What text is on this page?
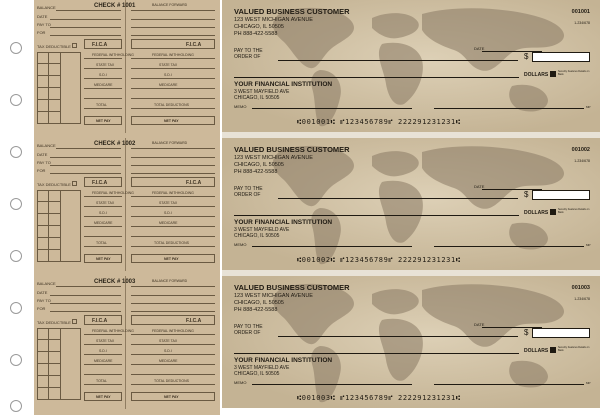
BALANCE	CHECK # 1001	BALANCE FORWARD
DATE
PAY TO
FOR
TAX DEDUCTIBLE	F.I.C.A	F.I.C.A
FEDERAL WITHHOLDING
STATE TAX
S.D.I
MEDICARE
TOTAL
NET PAY
FEDERAL WITHHOLDING
STATE TAX
S.D.I
MEDICARE
TOTAL DEDUCTIONS
NET PAY
BALANCE	CHECK # 1002	BALANCE FORWARD
DATE
PAY TO
FOR
TAX DEDUCTIBLE	F.I.C.A	F.I.C.A
FEDERAL WITHHOLDING
STATE TAX
S.D.I
MEDICARE
TOTAL
NET PAY
FEDERAL WITHHOLDING
STATE TAX
S.D.I
MEDICARE
TOTAL DEDUCTIONS
NET PAY
BALANCE	CHECK # 1003	BALANCE FORWARD
DATE
PAY TO
FOR
TAX DEDUCTIBLE	F.I.C.A	F.I.C.A
FEDERAL WITHHOLDING
STATE TAX
S.D.I
MEDICARE
TOTAL
NET PAY
FEDERAL WITHHOLDING
STATE TAX
S.D.I
MEDICARE
TOTAL DEDUCTIONS
NET PAY
VALUED BUSINESS CUSTOMER
123 WEST MICHIGAN AVENUE
CHICAGO, IL 50505
PH 888-422-5588
001001
1-234/678
DATE
PAY TO THE
ORDER OF	$
DOLLARS
Security Features Details on Back.
YOUR FINANCIAL INSTITUTION
3 WEST MAYFIELD AVE
CHICAGO, IL 50505
MEMO	MP
⑆001001⑆ ⑈123456789⑈ 222291231231⑆
VALUED BUSINESS CUSTOMER
123 WEST MICHIGAN AVENUE
CHICAGO, IL 50505
PH 888-422-5588
001002
1-234/678
DATE
PAY TO THE
ORDER OF	$
DOLLARS
Security Features Details on Back.
YOUR FINANCIAL INSTITUTION
3 WEST MAYFIELD AVE
CHICAGO, IL 50505
MEMO	MP
⑆001002⑆ ⑈123456789⑈ 222291231231⑆
VALUED BUSINESS CUSTOMER
123 WEST MICHIGAN AVENUE
CHICAGO, IL 50505
PH 888-422-5588
001003
1-234/678
DATE
PAY TO THE
ORDER OF	$
DOLLARS
Security Features Details on Back.
YOUR FINANCIAL INSTITUTION
3 WEST MAYFIELD AVE
CHICAGO, IL 50505
MEMO	MP
⑆001003⑆ ⑈123456789⑈ 222291231231⑆
